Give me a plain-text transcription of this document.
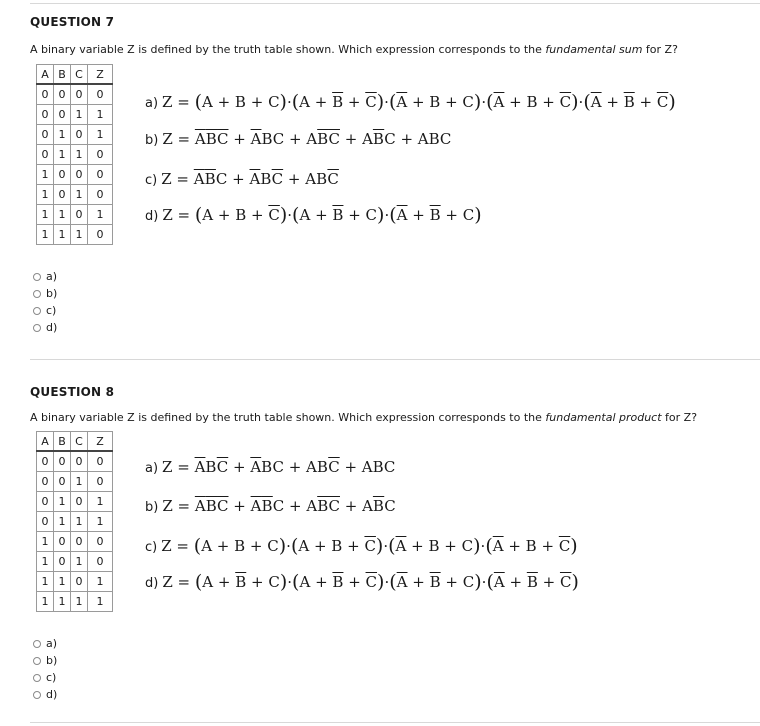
QUESTION 7
A binary variable Z is defined by the truth table shown. Which expression corresponds to the fundamental sum for Z?
A	B	C	Z
0	0	0	0
0	0	1	1
0	1	0	1
0	1	1	0
1	0	0	0
1	0	1	0
1	1	0	1
1	1	1	0
a) $Z = (A + B + C)\cdot(A + \overline{B} + \overline{C})\cdot(\overline{A} + B + C)\cdot(\overline{A} + B + \overline{C})\cdot(\overline{A} + \overline{B} + \overline{C})$
b) $Z = \overline{A}\overline{B}\overline{C} + \overline{A}BC + A\overline{B}\overline{C} + A\overline{B}C$ + ABC
c) $Z = \overline{A}\overline{B}C + \overline{A}B\overline{C} + AB\overline{C}$
d) $Z = (A + B + \overline{C})\cdot(A + \overline{B} + C)\cdot(\overline{A} + \overline{B} + C)$
a)
b)
c)
d)
QUESTION 8
A binary variable Z is defined by the truth table shown. Which expression corresponds to the fundamental product for Z?
A	B	C	Z
0	0	0	0
0	0	1	0
0	1	0	1
0	1	1	1
1	0	0	0
1	0	1	0
1	1	0	1
1	1	1	1
a) $Z = \overline{A}B\overline{C} + \overline{A}BC + AB\overline{C}$ + ABC
b) $Z = \overline{A}\overline{B}\overline{C} + \overline{A}\overline{B}C + A\overline{B}\overline{C} + A\overline{B}C$
c) $Z = (A + B + C)\cdot(A + B + \overline{C})\cdot(\overline{A} + B + C)\cdot(\overline{A} + B + \overline{C})$
d) $Z = (A + \overline{B} + C)\cdot(A + \overline{B} + \overline{C})\cdot(\overline{A} + \overline{B} + C)\cdot(\overline{A} + \overline{B} + \overline{C})$
a)
b)
c)
d)
